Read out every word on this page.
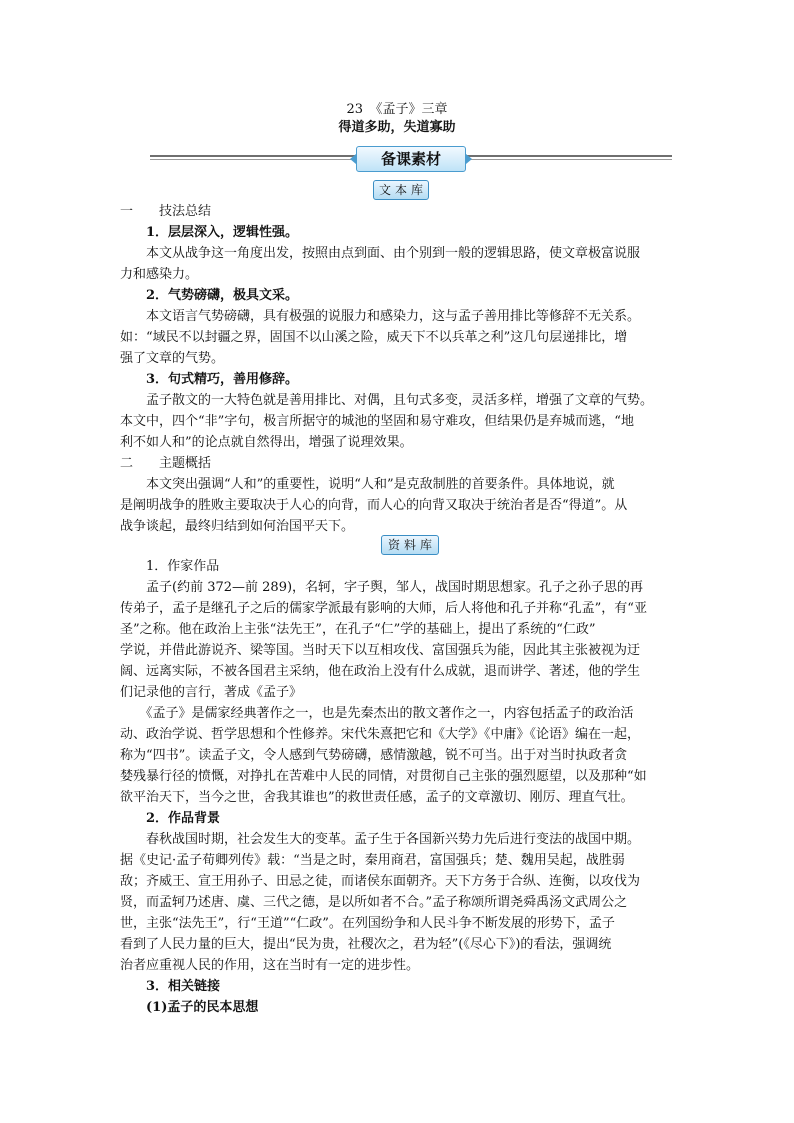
23　《孟子》三章
得道多助，失道寡助
备课素材
文 本 库
一　　技法总结
　　1．层层深入，逻辑性强。
　　本文从战争这一角度出发，按照由点到面、由个别到一般的逻辑思路，使文章极富说服
力和感染力。
　　2．气势磅礴，极具文采。
　　本文语言气势磅礴，具有极强的说服力和感染力，这与孟子善用排比等修辞不无关系。
如：“域民不以封疆之界，固国不以山溪之险，威天下不以兵革之利”这几句层递排比，增
强了文章的气势。
　　3．句式精巧，善用修辞。
　　孟子散文的一大特色就是善用排比、对偶，且句式多变，灵活多样，增强了文章的气势。
本文中，四个“非”字句，极言所据守的城池的坚固和易守难攻，但结果仍是弃城而逃，“地
利不如人和”的论点就自然得出，增强了说理效果。
二　　主题概括
　　本文突出强调“人和”的重要性，说明“人和”是克敌制胜的首要条件。具体地说，就
是阐明战争的胜败主要取决于人心的向背，而人心的向背又取决于统治者是否“得道”。从
战争谈起，最终归结到如何治国平天下。
资 料 库
　　1．作家作品
　　孟子(约前 372—前 289)，名轲，字子舆，邹人，战国时期思想家。孔子之孙子思的再
传弟子，孟子是继孔子之后的儒家学派最有影响的大师，后人将他和孔子并称“孔孟”，有“亚
圣”之称。他在政治上主张“法先王”，在孔子“仁”学的基础上，提出了系统的“仁政”
学说，并借此游说齐、梁等国。当时天下以互相攻伐、富国强兵为能，因此其主张被视为迂
阔、远离实际，不被各国君主采纳，他在政治上没有什么成就，退而讲学、著述，他的学生
们记录他的言行，著成《孟子》
　　《孟子》是儒家经典著作之一，也是先秦杰出的散文著作之一，内容包括孟子的政治活
动、政治学说、哲学思想和个性修养。宋代朱熹把它和《大学》《中庸》《论语》编在一起，
称为“四书”。读孟子文，令人感到气势磅礴，感情激越，锐不可当。出于对当时执政者贪
婪残暴行径的愤慨，对挣扎在苦难中人民的同情，对贯彻自己主张的强烈愿望，以及那种“如
欲平治天下，当今之世，舍我其谁也”的救世责任感，孟子的文章激切、刚厉、理直气壮。
　　2．作品背景
　　春秋战国时期，社会发生大的变革。孟子生于各国新兴势力先后进行变法的战国中期。
据《史记·孟子荀卿列传》载：“当是之时，秦用商君，富国强兵；楚、魏用吴起，战胜弱
敌；齐威王、宣王用孙子、田忌之徒，而诸侯东面朝齐。天下方务于合纵、连衡，以攻伐为
贤，而孟轲乃述唐、虞、三代之德，是以所如者不合。”孟子称颂所谓尧舜禹汤文武周公之
世，主张“法先王”，行“王道”“仁政”。在列国纷争和人民斗争不断发展的形势下，孟子
看到了人民力量的巨大，提出“民为贵，社稷次之，君为轻”(《尽心下》)的看法，强调统
治者应重视人民的作用，这在当时有一定的进步性。
　　3．相关链接
　　(1)孟子的民本思想
